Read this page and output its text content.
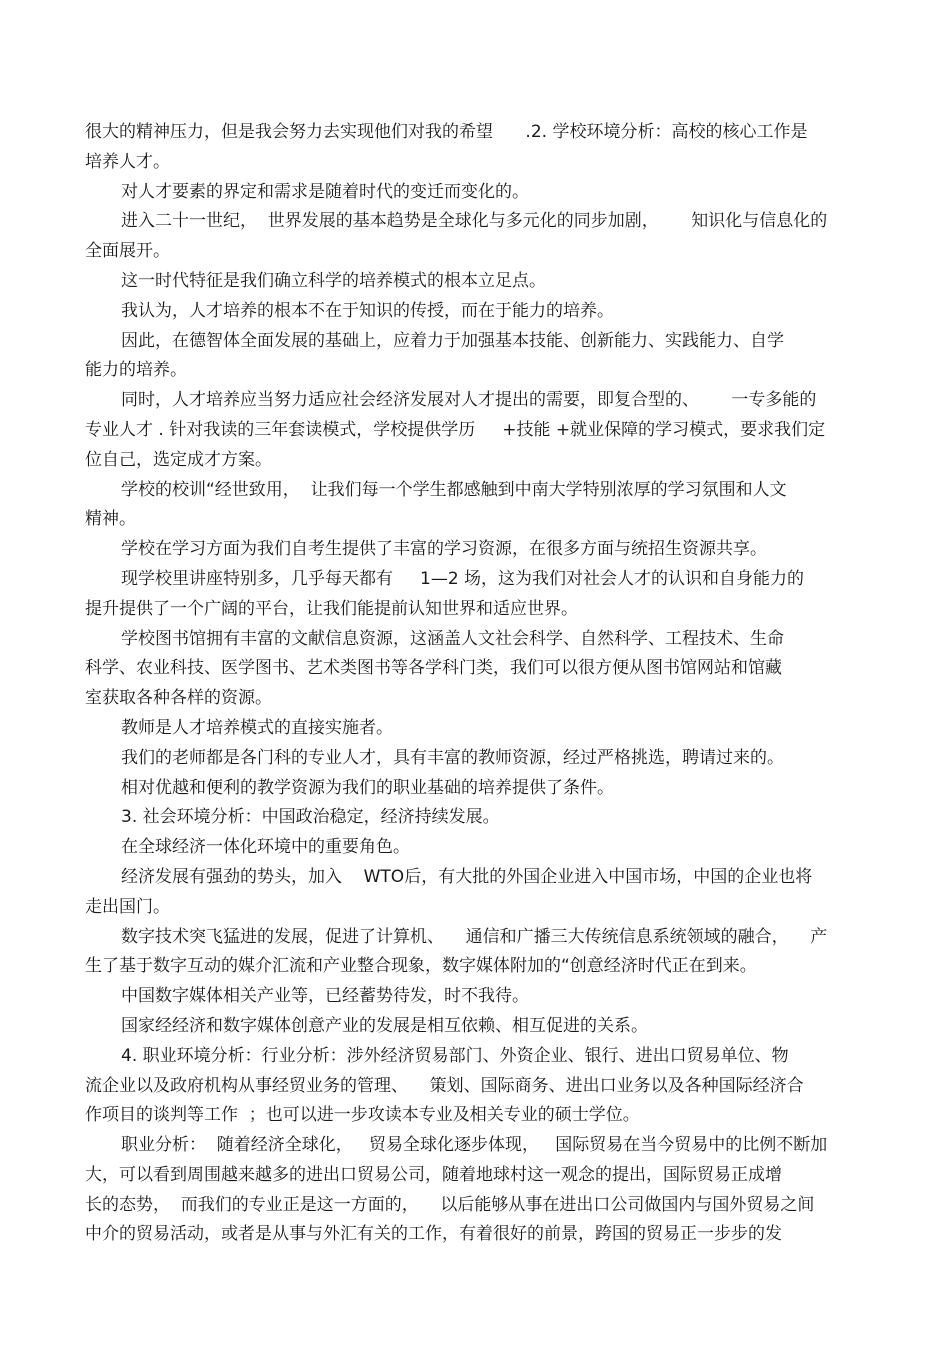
很大的精神压力，但是我会努力去实现他们对我的希望      .2. 学校环境分析：高校的核心工作是
培养人才。
对人才要素的界定和需求是随着时代的变迁而变化的。
进入二十一世纪，  世界发展的基本趋势是全球化与多元化的同步加剧，      知识化与信息化的
全面展开。
这一时代特征是我们确立科学的培养模式的根本立足点。
我认为，人才培养的根本不在于知识的传授，而在于能力的培养。
因此，在德智体全面发展的基础上，应着力于加强基本技能、创新能力、实践能力、自学
能力的培养。
同时，人才培养应当努力适应社会经济发展对人才提出的需要，即复合型的、      一专多能的
专业人才 . 针对我读的三年套读模式，学校提供学历     +技能 +就业保障的学习模式，要求我们定
位自己，选定成才方案。
学校的校训“经世致用，  让我们每一个学生都感触到中南大学特别浓厚的学习氛围和人文
精神。
学校在学习方面为我们自考生提供了丰富的学习资源，在很多方面与统招生资源共享。
现学校里讲座特别多，几乎每天都有     1—2 场，这为我们对社会人才的认识和自身能力的
提升提供了一个广阔的平台，让我们能提前认知世界和适应世界。
学校图书馆拥有丰富的文献信息资源，这涵盖人文社会科学、自然科学、工程技术、生命
科学、农业科技、医学图书、艺术类图书等各学科门类，我们可以很方便从图书馆网站和馆藏
室获取各种各样的资源。
教师是人才培养模式的直接实施者。
我们的老师都是各门科的专业人才，具有丰富的教师资源，经过严格挑选，聘请过来的。
相对优越和便利的教学资源为我们的职业基础的培养提供了条件。
3. 社会环境分析：中国政治稳定，经济持续发展。
在全球经济一体化环境中的重要角色。
经济发展有强劲的势头，加入    WTO后，有大批的外国企业进入中国市场，中国的企业也将
走出国门。
数字技术突飞猛进的发展，促进了计算机、    通信和广播三大传统信息系统领域的融合，    产
生了基于数字互动的媒介汇流和产业整合现象，数字媒体附加的“创意经济时代正在到来。
中国数字媒体相关产业等，已经蓄势待发，时不我待。
国家经经济和数字媒体创意产业的发展是相互依赖、相互促进的关系。
4. 职业环境分析：行业分析：涉外经济贸易部门、外资企业、银行、进出口贸易单位、物
流企业以及政府机构从事经贸业务的管理、    策划、国际商务、进出口业务以及各种国际经济合
作项目的谈判等工作  ；也可以进一步攻读本专业及相关专业的硕士学位。
职业分析：  随着经济全球化，   贸易全球化逐步体现，   国际贸易在当今贸易中的比例不断加
大，可以看到周围越来越多的进出口贸易公司，随着地球村这一观念的提出，国际贸易正成增
长的态势，  而我们的专业正是这一方面的，    以后能够从事在进出口公司做国内与国外贸易之间
中介的贸易活动，或者是从事与外汇有关的工作，有着很好的前景，跨国的贸易正一步步的发
